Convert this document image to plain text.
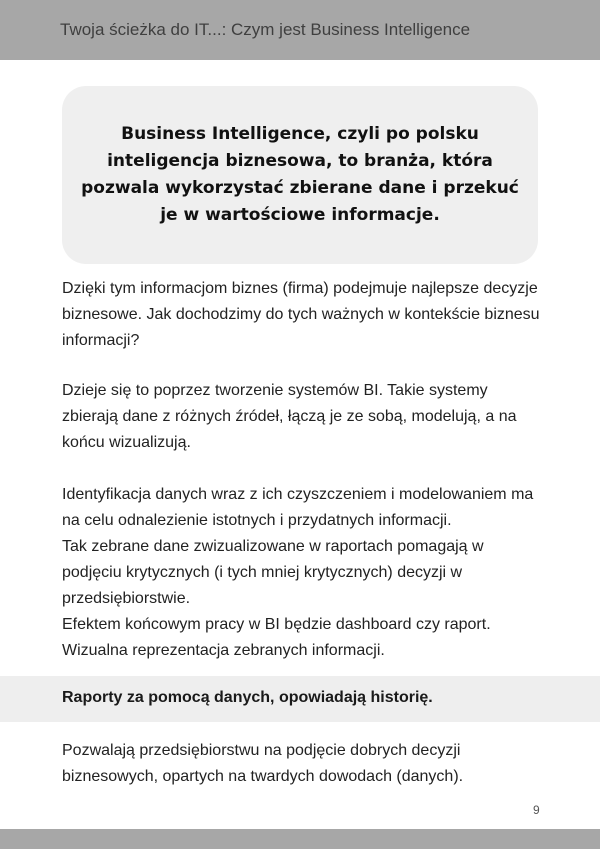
Twoja ścieżka do IT...: Czym jest Business Intelligence

Business Intelligence, czyli po polsku inteligencja biznesowa, to branża, która pozwala wykorzystać zbierane dane i przekuć je w wartościowe informacje.

Dzięki tym informacjom biznes (firma) podejmuje najlepsze decyzje biznesowe. Jak dochodzimy do tych ważnych w kontekście biznesu informacji?

Dzieje się to poprzez tworzenie systemów BI. Takie systemy zbierają dane z różnych źródeł, łączą je ze sobą, modelują, a na końcu wizualizują.

Identyfikacja danych wraz z ich czyszczeniem i modelowaniem ma na celu odnalezienie istotnych i przydatnych informacji.
Tak zebrane dane zwizualizowane w raportach pomagają w podjęciu krytycznych (i tych mniej krytycznych) decyzji w przedsiębiorstwie.
Efektem końcowym pracy w BI będzie dashboard czy raport.
Wizualna reprezentacja zebranych informacji.
Raporty za pomocą danych, opowiadają historię.

Pozwalają przedsiębiorstwu na podjęcie dobrych decyzji biznesowych, opartych na twardych dowodach (danych).

9
